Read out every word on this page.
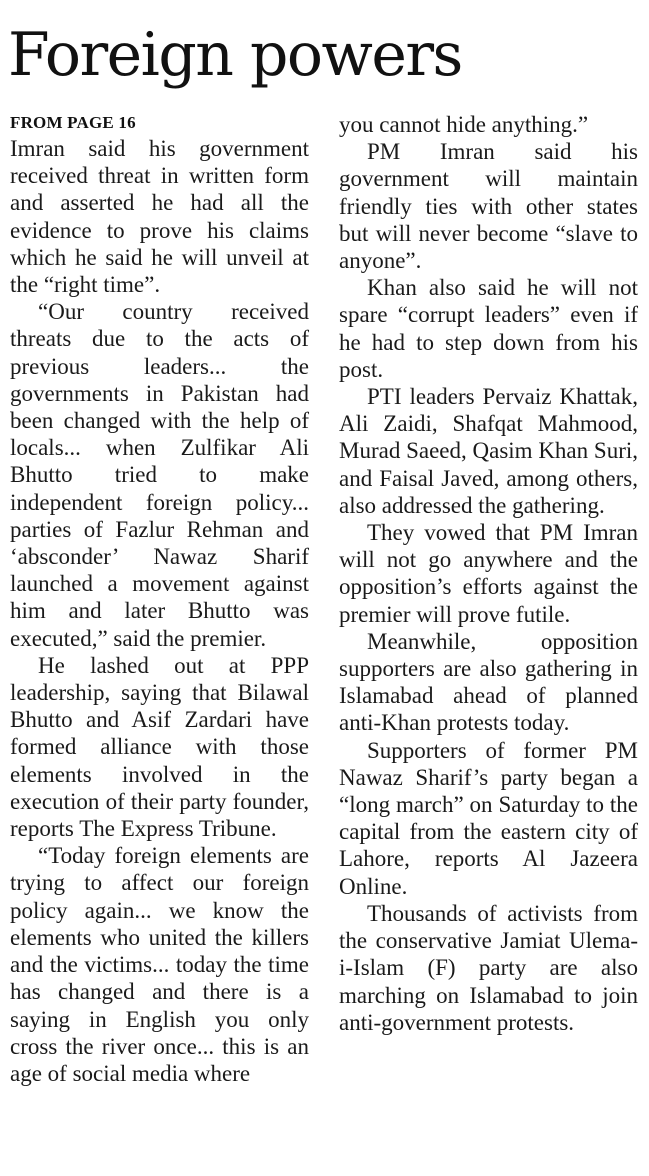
Foreign powers
FROM PAGE 16

Imran said his government received threat in written form and asserted he had all the evidence to prove his claims which he said he will unveil at the “right time”.

“Our country received threats due to the acts of previous leaders... the governments in Pakistan had been changed with the help of locals... when Zulfikar Ali Bhutto tried to make independent foreign policy... parties of Fazlur Rehman and ‘absconder’ Nawaz Sharif launched a movement against him and later Bhutto was executed,” said the premier.

He lashed out at PPP leadership, saying that Bilawal Bhutto and Asif Zardari have formed alliance with those elements involved in the execution of their party founder, reports The Express Tribune.

“Today foreign elements are trying to affect our foreign policy again... we know the elements who united the killers and the victims... today the time has changed and there is a saying in English you only cross the river once... this is an age of social media where

you cannot hide anything.”

PM Imran said his government will maintain friendly ties with other states but will never become “slave to anyone”.

Khan also said he will not spare “corrupt leaders” even if he had to step down from his post.

PTI leaders Pervaiz Khattak, Ali Zaidi, Shafqat Mahmood, Murad Saeed, Qasim Khan Suri, and Faisal Javed, among others, also addressed the gathering.

They vowed that PM Imran will not go anywhere and the opposition’s efforts against the premier will prove futile.

Meanwhile, opposition supporters are also gathering in Islamabad ahead of planned anti-Khan protests today.

Supporters of former PM Nawaz Sharif’s party began a “long march” on Saturday to the capital from the eastern city of Lahore, reports Al Jazeera Online.

Thousands of activists from the conservative Jamiat Ulema-i-Islam (F) party are also marching on Islamabad to join anti-government protests.
